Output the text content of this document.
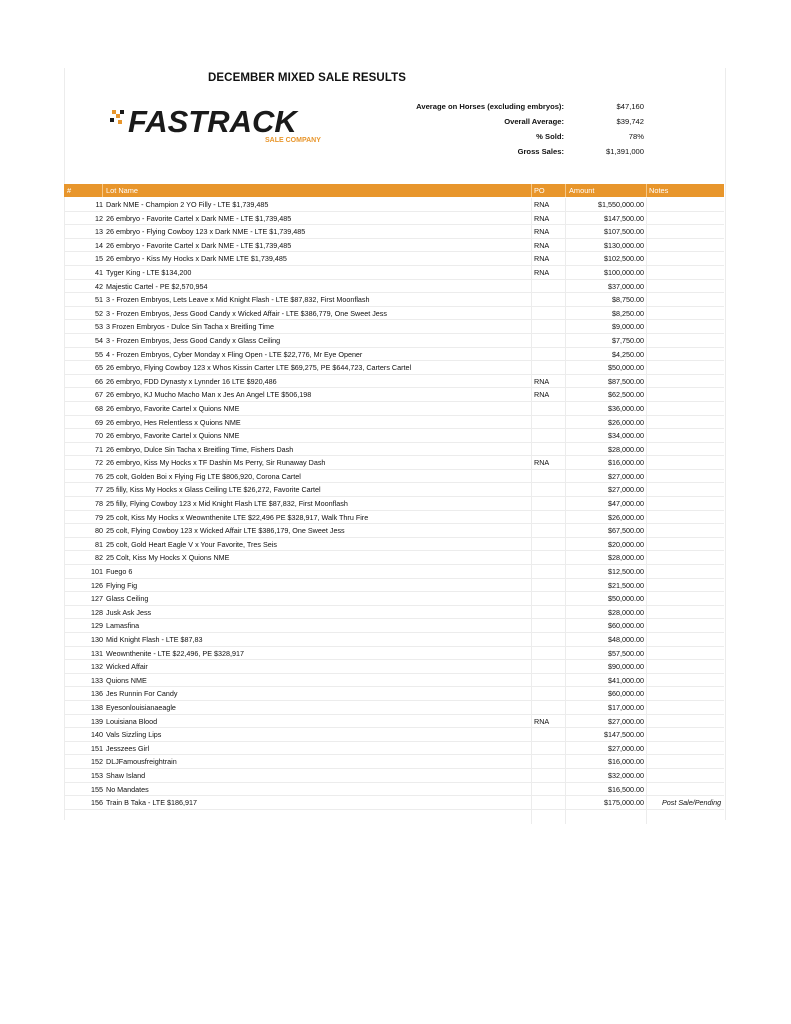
DECEMBER MIXED SALE RESULTS
FASTRACK
SALE COMPANY
Average on Horses (excluding embryos):	$47,160
Overall Average:	$39,742
% Sold:	78%
Gross Sales:	$1,391,000
#	Lot Name	PO	Amount	Notes
11 Dark NME - Champion 2 YO Filly - LTE $1,739,485	RNA	$1,550,000.00
12 26 embryo - Favorite Cartel x Dark NME - LTE $1,739,485	RNA	$147,500.00
13 26 embryo - Flying Cowboy 123 x Dark NME - LTE $1,739,485	RNA	$107,500.00
14 26 embryo - Favorite Cartel x Dark NME - LTE $1,739,485	RNA	$130,000.00
15 26 embryo - Kiss My Hocks x Dark NME LTE $1,739,485	RNA	$102,500.00
41 Tyger King - LTE $134,200	RNA	$100,000.00
42 Majestic Cartel - PE $2,570,954	$37,000.00
51 3 - Frozen Embryos, Lets Leave x Mid Knight Flash - LTE $87,832, First Moonflash	$8,750.00
52 3 - Frozen Embryos, Jess Good Candy x Wicked Affair - LTE $386,779, One Sweet Jess	$8,250.00
53 3 Frozen Embryos - Dulce Sin Tacha x Breitling Time	$9,000.00
54 3 - Frozen Embryos, Jess Good Candy x Glass Ceiling	$7,750.00
55 4 - Frozen Embryos, Cyber Monday x Fling Open - LTE $22,776, Mr Eye Opener	$4,250.00
65 26 embryo, Flying Cowboy 123 x Whos Kissin Carter LTE $69,275, PE $644,723, Carters Cartel	$50,000.00
66 26 embryo, FDD Dynasty x Lynnder 16 LTE $920,486	RNA	$87,500.00
67 26 embryo, KJ Mucho Macho Man x Jes An Angel LTE $506,198	RNA	$62,500.00
68 26 embryo, Favorite Cartel x Quions NME	$36,000.00
69 26 embryo, Hes Relentless x Quions NME	$26,000.00
70 26 embryo, Favorite Cartel x Quions NME	$34,000.00
71 26 embryo, Dulce Sin Tacha x Breitling Time, Fishers Dash	$28,000.00
72 26 embryo, Kiss My Hocks x TF Dashin Ms Perry, Sir Runaway Dash	RNA	$16,000.00
76 25 colt, Golden Boi x Flying Fig LTE $806,920, Corona Cartel	$27,000.00
77 25 filly, Kiss My Hocks x Glass Ceiling LTE $26,272, Favorite Cartel	$27,000.00
78 25 filly, Flying Cowboy 123 x Mid Knight Flash LTE $87,832, First Moonflash	$47,000.00
79 25 colt, Kiss My Hocks x Weownthenite LTE $22,496 PE $328,917, Walk Thru Fire	$26,000.00
80 25 colt, Flying Cowboy 123 x Wicked Affair LTE $386,179, One Sweet Jess	$67,500.00
81 25 colt, Gold Heart Eagle V x Your Favorite, Tres Seis	$20,000.00
82 25 Colt, Kiss My Hocks X Quions NME	$28,000.00
101 Fuego 6	$12,500.00
126 Flying Fig	$21,500.00
127 Glass Ceiling	$50,000.00
128 Jusk Ask Jess	$28,000.00
129 Lamasfina	$60,000.00
130 Mid Knight Flash - LTE $87,83	$48,000.00
131 Weownthenite - LTE $22,496, PE $328,917	$57,500.00
132 Wicked Affair	$90,000.00
133 Quions NME	$41,000.00
136 Jes Runnin For Candy	$60,000.00
138 Eyesonlouisianaeagle	$17,000.00
139 Louisiana Blood	RNA	$27,000.00
140 Vals Sizzling Lips	$147,500.00
151 Jesszees Girl	$27,000.00
152 DLJFamousfreightrain	$16,000.00
153 Shaw Island	$32,000.00
155 No Mandates	$16,500.00
156 Train B Taka - LTE $186,917	$175,000.00	Post Sale/Pending
